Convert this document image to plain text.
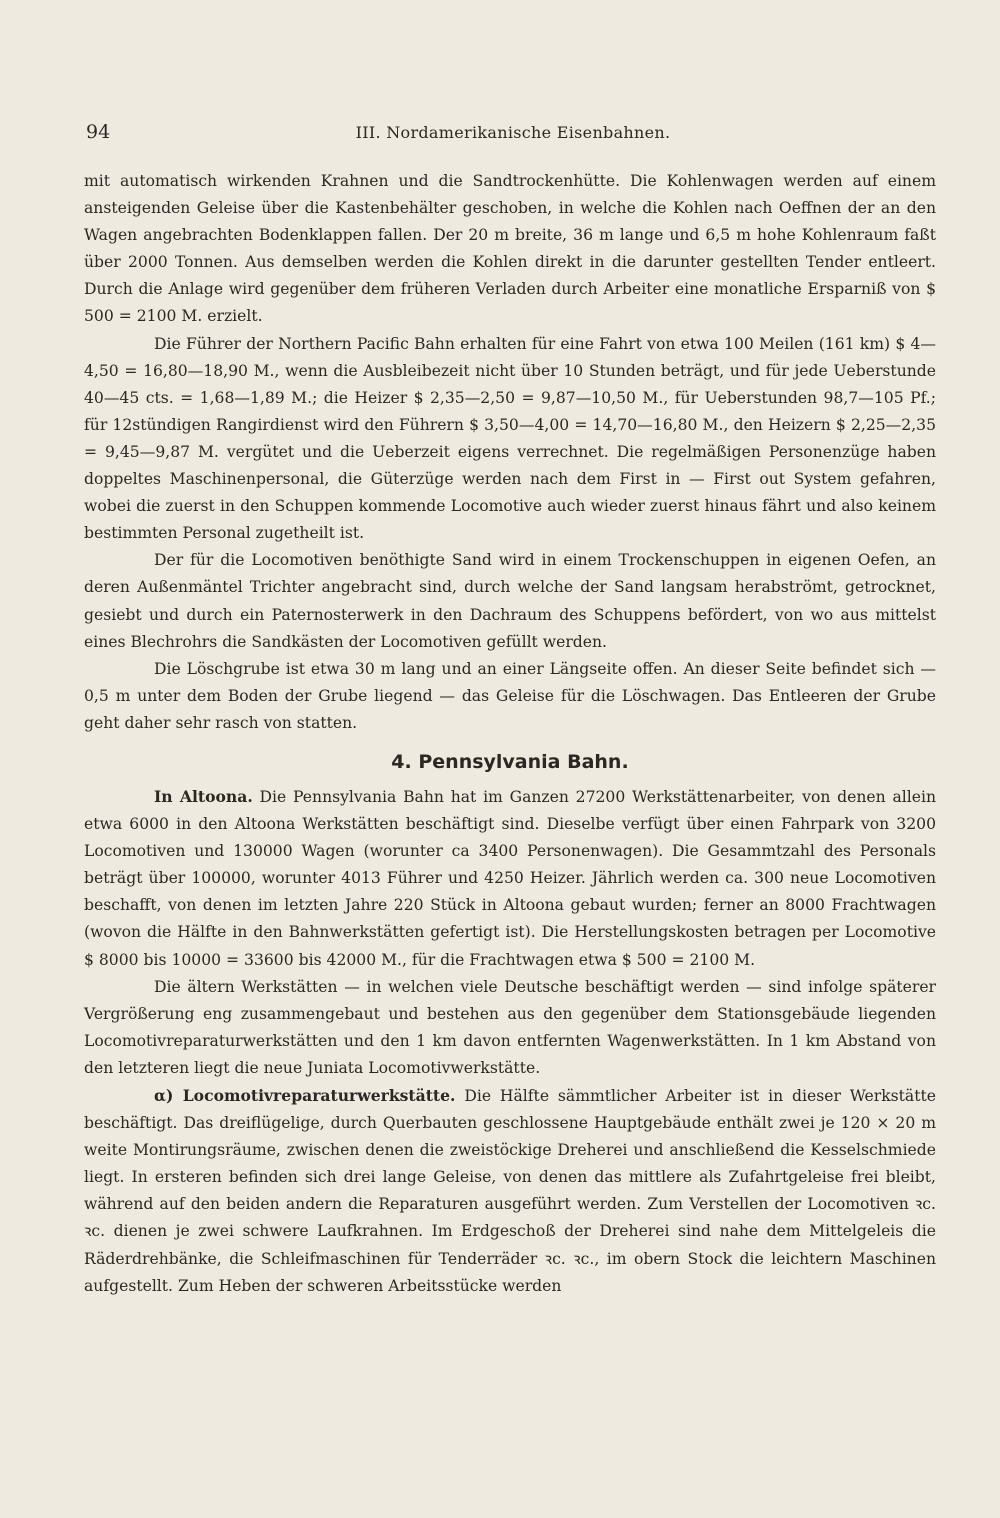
94	III. Nordamerikanische Eisenbahnen.

mit automatisch wirkenden Krahnen und die Sandtrockenhütte. Die Kohlenwagen werden auf einem ansteigenden Geleise über die Kastenbehälter geschoben, in welche die Kohlen nach Oeffnen der an den Wagen angebrachten Bodenklappen fallen. Der 20 m breite, 36 m lange und 6,5 m hohe Kohlenraum faßt über 2000 Tonnen. Aus demselben werden die Kohlen direkt in die darunter gestellten Tender entleert. Durch die Anlage wird gegenüber dem früheren Verladen durch Arbeiter eine monatliche Ersparniß von $ 500 = 2100 M. erzielt.

Die Führer der Northern Pacific Bahn erhalten für eine Fahrt von etwa 100 Meilen (161 km) $ 4—4,50 = 16,80—18,90 M., wenn die Ausbleibezeit nicht über 10 Stunden beträgt, und für jede Ueberstunde 40—45 cts. = 1,68—1,89 M.; die Heizer $ 2,35—2,50 = 9,87—10,50 M., für Ueberstunden 98,7—105 Pf.; für 12stündigen Rangirdienst wird den Führern $ 3,50—4,00 = 14,70—16,80 M., den Heizern $ 2,25—2,35 = 9,45—9,87 M. vergütet und die Ueberzeit eigens verrechnet. Die regelmäßigen Personenzüge haben doppeltes Maschinenpersonal, die Güterzüge werden nach dem First in — First out System gefahren, wobei die zuerst in den Schuppen kommende Locomotive auch wieder zuerst hinaus fährt und also keinem bestimmten Personal zugetheilt ist.

Der für die Locomotiven benöthigte Sand wird in einem Trockenschuppen in eigenen Oefen, an deren Außenmäntel Trichter angebracht sind, durch welche der Sand langsam herabströmt, getrocknet, gesiebt und durch ein Paternosterwerk in den Dachraum des Schuppens befördert, von wo aus mittelst eines Blechrohrs die Sandkästen der Locomotiven gefüllt werden.

Die Löschgrube ist etwa 30 m lang und an einer Längseite offen. An dieser Seite befindet sich — 0,5 m unter dem Boden der Grube liegend — das Geleise für die Löschwagen. Das Entleeren der Grube geht daher sehr rasch von statten.

4. Pennsylvania Bahn.

In Altoona. Die Pennsylvania Bahn hat im Ganzen 27200 Werkstättenarbeiter, von denen allein etwa 6000 in den Altoona Werkstätten beschäftigt sind. Dieselbe verfügt über einen Fahrpark von 3200 Locomotiven und 130000 Wagen (worunter ca 3400 Personenwagen). Die Gesammtzahl des Personals beträgt über 100000, worunter 4013 Führer und 4250 Heizer. Jährlich werden ca. 300 neue Locomotiven beschafft, von denen im letzten Jahre 220 Stück in Altoona gebaut wurden; ferner an 8000 Frachtwagen (wovon die Hälfte in den Bahnwerkstätten gefertigt ist). Die Herstellungskosten betragen per Locomotive $ 8000 bis 10000 = 33600 bis 42000 M., für die Frachtwagen etwa $ 500 = 2100 M.

Die ältern Werkstätten — in welchen viele Deutsche beschäftigt werden — sind infolge späterer Vergrößerung eng zusammengebaut und bestehen aus den gegenüber dem Stationsgebäude liegenden Locomotivreparaturwerkstätten und den 1 km davon entfernten Wagenwerkstätten. In 1 km Abstand von den letzteren liegt die neue Juniata Locomotivwerkstätte.

α) Locomotivreparaturwerkstätte. Die Hälfte sämmtlicher Arbeiter ist in dieser Werkstätte beschäftigt. Das dreiflügelige, durch Querbauten geschlossene Hauptgebäude enthält zwei je 120 × 20 m weite Montirungsräume, zwischen denen die zweistöckige Dreherei und anschließend die Kesselschmiede liegt. In ersteren befinden sich drei lange Geleise, von denen das mittlere als Zufahrtgeleise frei bleibt, während auf den beiden andern die Reparaturen ausgeführt werden. Zum Verstellen der Locomotiven ꝛc. ꝛc. dienen je zwei schwere Laufkrahnen. Im Erdgeschoß der Dreherei sind nahe dem Mittelgeleis die Räderdrehbänke, die Schleifmaschinen für Tenderräder ꝛc. ꝛc., im obern Stock die leichtern Maschinen aufgestellt. Zum Heben der schweren Arbeitsstücke werden
